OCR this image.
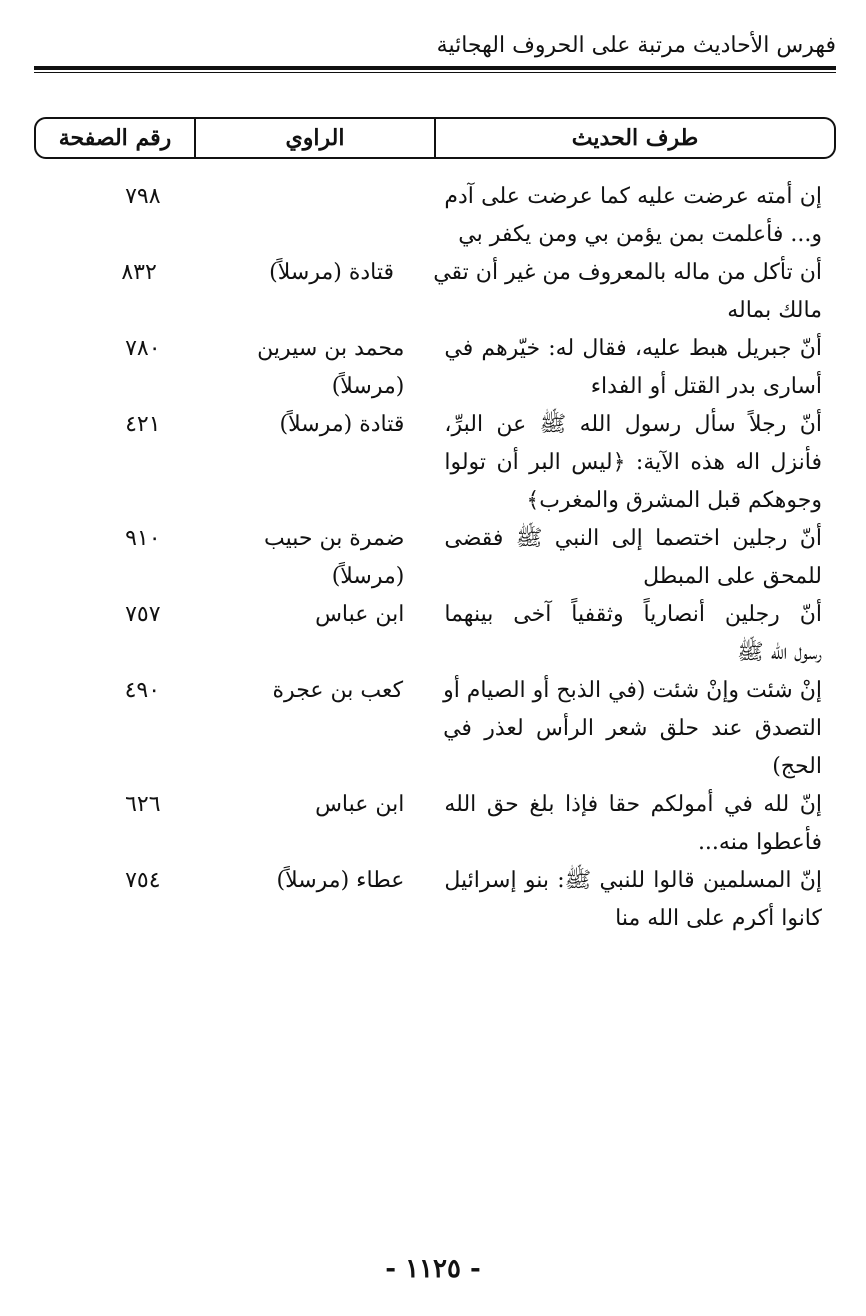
فهرس الأحاديث مرتبة على الحروف الهجائية
طرف الحديث
الراوي
رقم الصفحة
إن أمته عرضت عليه كما عرضت على آدم
و... فأعلمت بمن يؤمن بي ومن يكفر بي

٧٩٨
أن تأكل من ماله بالمعروف من غير أن تقي
مالك بماله
قتادة (مرسلاً)

٨٣٢
أنّ جبريل هبط عليه، فقال له: خيّرهم في
أسارى بدر القتل أو الفداء
محمد بن سيرين
(مرسلاً)
٧٨٠
أنّ رجلاً سأل رسول الله ﷺ عن البرِّ،
فأنزل اله هذه الآية: ﴿ليس البر أن تولوا
وجوهكم قبل المشرق والمغرب﴾
قتادة (مرسلاً)

٤٢١
أنّ رجلين اختصما إلى النبي ﷺ فقضى
للمحق على المبطل
ضمرة بن حبيب
(مرسلاً)
٩١٠
أنّ رجلين أنصارياً وثقفياً آخى بينهما
رسول الله ﷺ
ابن عباس

٧٥٧
إنْ شئت وإنْ شئت (في الذبح أو الصيام أو
التصدق عند حلق شعر الرأس لعذر في
الحج)
كعب بن عجرة

٤٩٠
إنّ لله في أمولكم حقا فإذا بلغ حق الله
فأعطوا منه...
ابن عباس

٦٢٦
إنّ المسلمين قالوا للنبي ﷺ: بنو إسرائيل
كانوا أكرم على الله منا
عطاء (مرسلاً)

٧٥٤
- ١١٢٥ -
